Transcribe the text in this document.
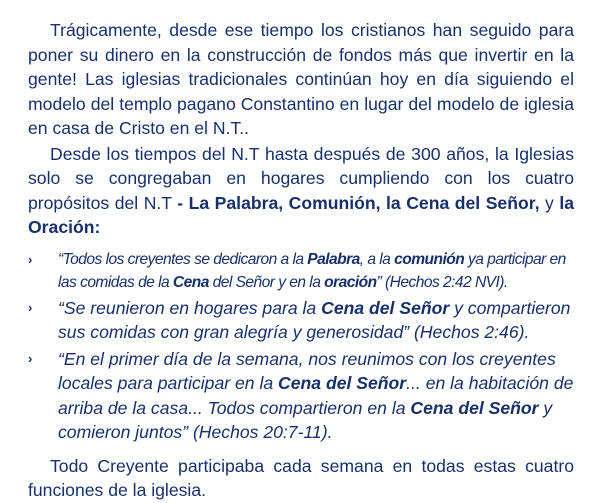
Trágicamente, desde ese tiempo los cristianos han seguido para poner su dinero en la construcción de fondos más que invertir en la gente! Las iglesias tradicionales continúan hoy en día siguiendo el modelo del templo pagano Constantino en lugar del modelo de iglesia en casa de Cristo en el N.T..

Desde los tiempos del N.T hasta después de 300 años, la Iglesias solo se congregaban en hogares cumpliendo con los cuatro propósitos del N.T - La Palabra, Comunión, la Cena del Señor, y la Oración:

› “Todos los creyentes se dedicaron a la Palabra, a la comunión ya participar en las comidas de la Cena del Señor y en la oración” (Hechos 2:42 NVI).
› “Se reunieron en hogares para la Cena del Señor y compartieron sus comidas con gran alegría y generosidad” (Hechos 2:46).
› “En el primer día de la semana, nos reunimos con los creyentes locales para participar en la Cena del Señor... en la habitación de arriba de la casa... Todos compartieron en la Cena del Señor y comieron juntos” (Hechos 20:7-11).

Todo Creyente participaba cada semana en todas estas cuatro funciones de la iglesia.
